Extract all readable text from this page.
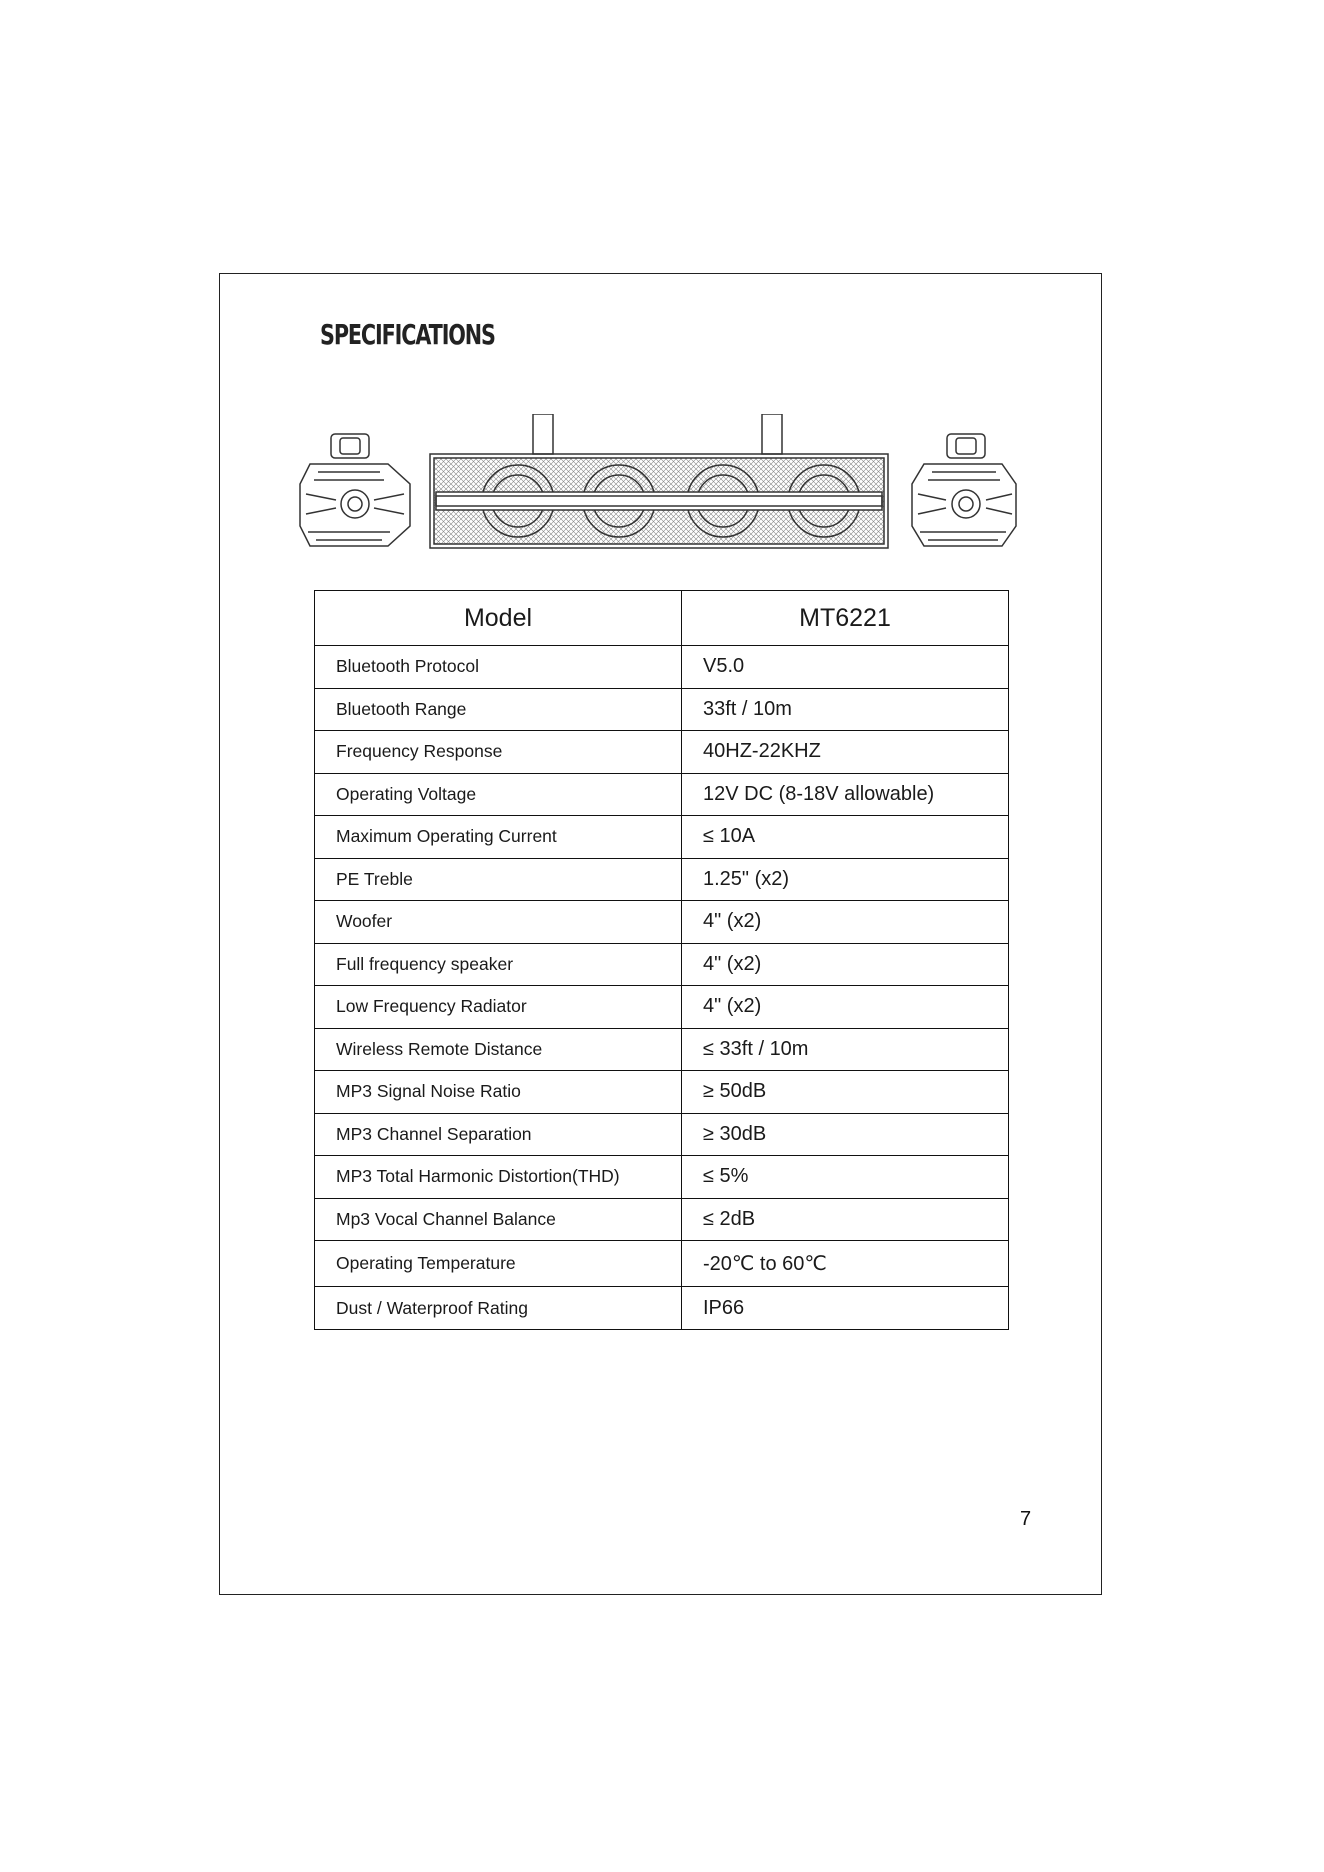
SPECIFICATIONS
Model	MT6221
Bluetooth Protocol	V5.0
Bluetooth Range	33ft / 10m
Frequency Response	40HZ-22KHZ
Operating Voltage	12V DC (8-18V allowable)
Maximum Operating Current	≤ 10A
PE Treble	1.25" (x2)
Woofer	4" (x2)
Full frequency speaker	4" (x2)
Low Frequency Radiator	4" (x2)
Wireless Remote Distance	≤ 33ft / 10m
MP3 Signal Noise Ratio	≥ 50dB
MP3 Channel Separation	≥ 30dB
MP3 Total Harmonic Distortion(THD)	≤ 5%
Mp3 Vocal Channel Balance	≤ 2dB
Operating Temperature	-20℃ to 60℃
Dust / Waterproof Rating	IP66
7
